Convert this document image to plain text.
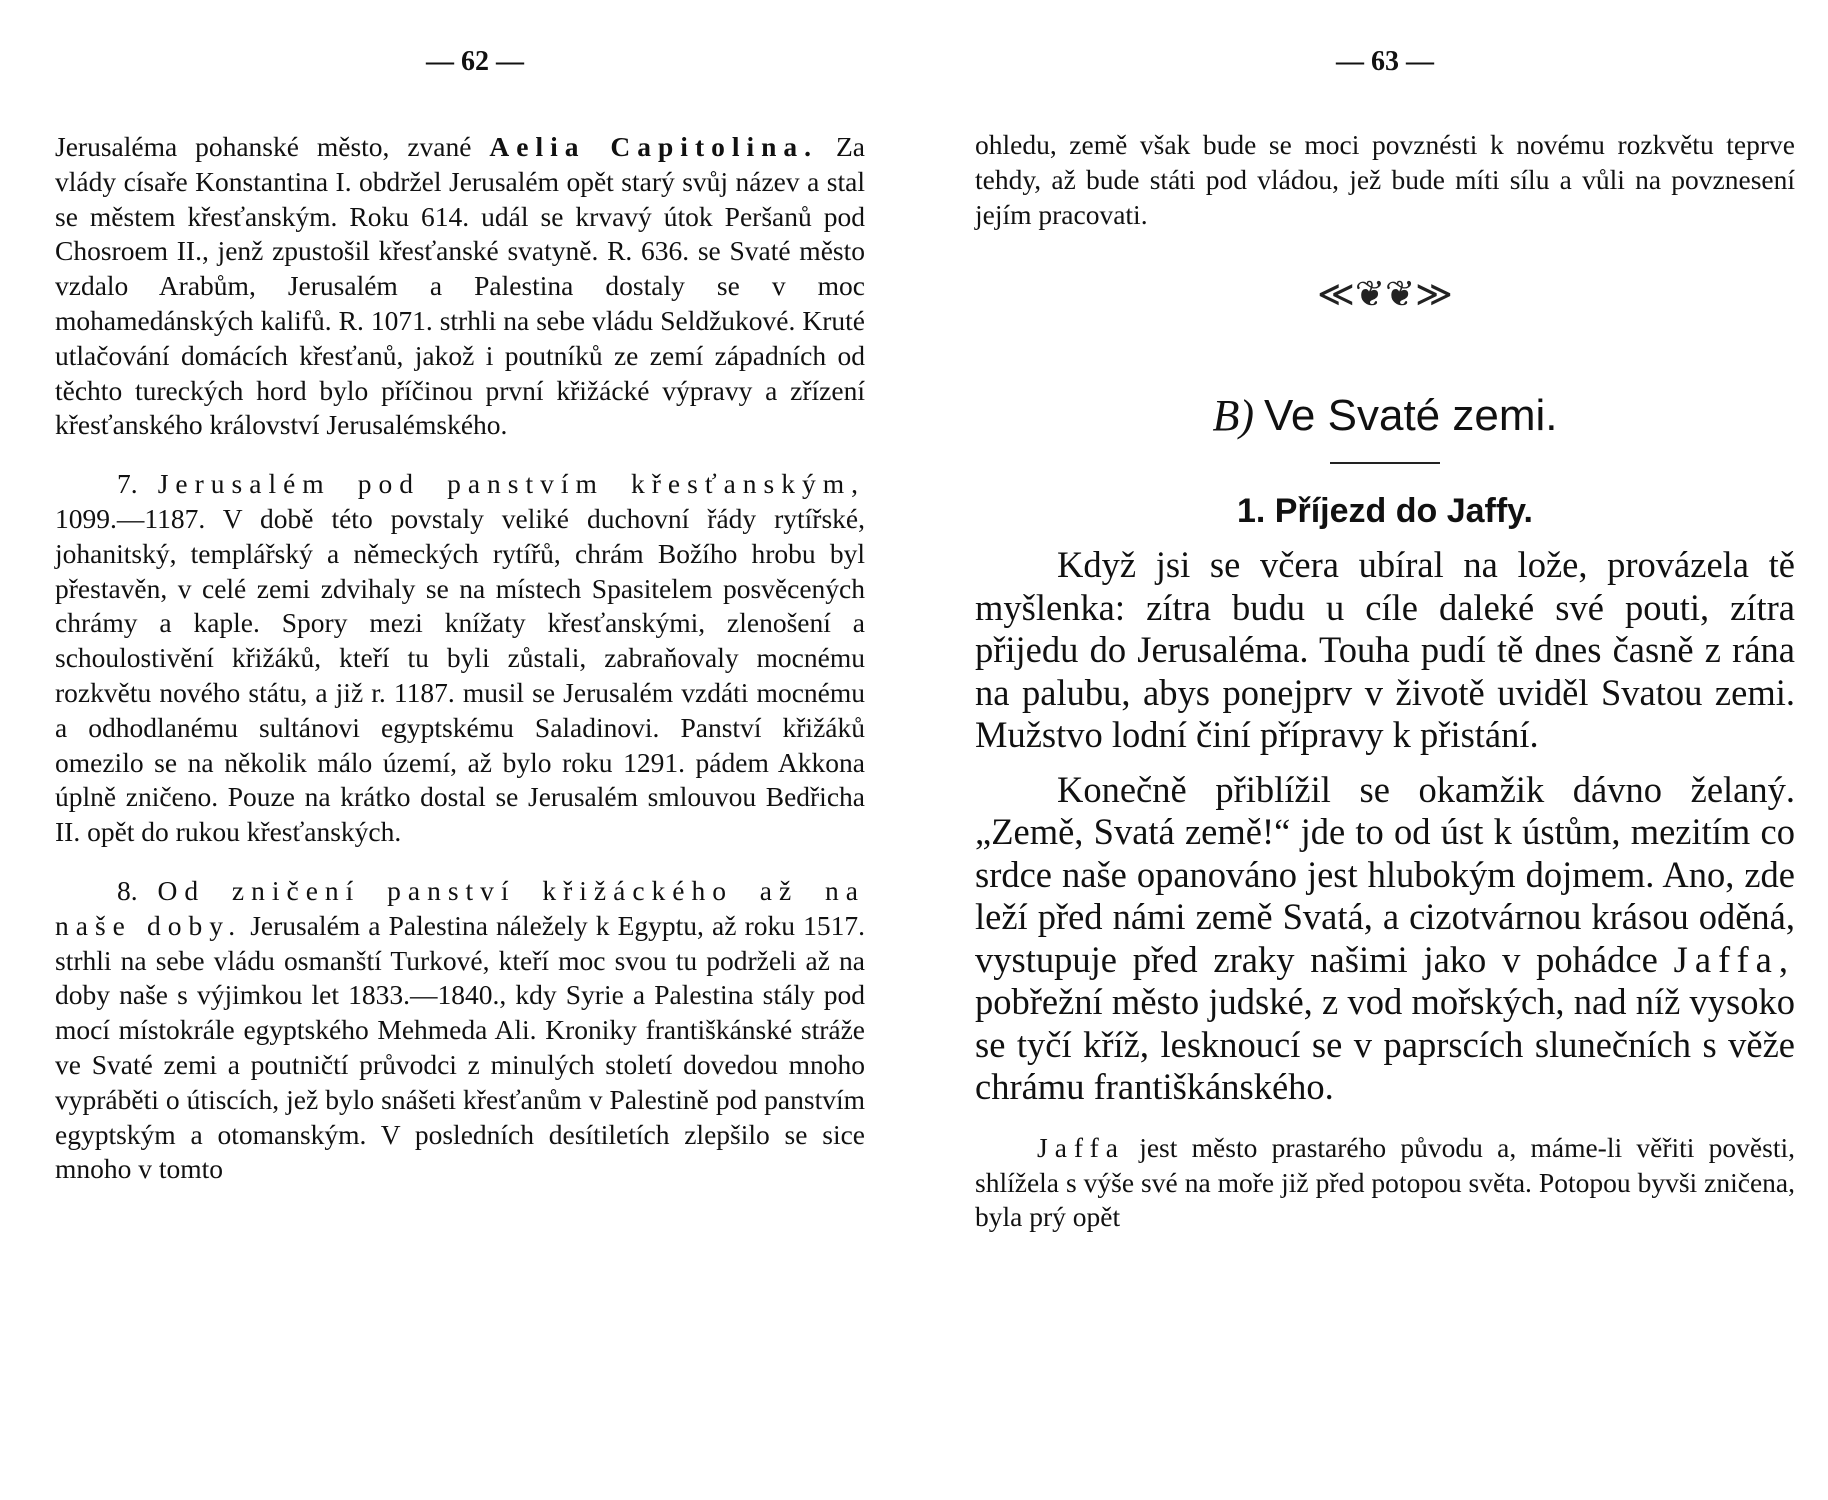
— 62 —

Jerusaléma pohanské město, zvané Aelia Capitolina. Za vlády císaře Konstantina I. obdržel Jerusalém opět starý svůj název a stal se městem křesťanským. Roku 614. udál se krvavý útok Peršanů pod Chosroem II., jenž zpustošil křesťanské svatyně. R. 636. se Svaté město vzdalo Arabům, Jerusalém a Palestina dostaly se v moc mohamedánských kalifů. R. 1071. strhli na sebe vládu Seldžukové. Kruté utlačování domácích křesťanů, jakož i poutníků ze zemí západních od těchto tureckých hord bylo příčinou první křižácké výpravy a zřízení křesťanského království Jerusalémského.

7. Jerusalém pod panstvím křesťanským, 1099.—1187. V době této povstaly veliké duchovní řády rytířské, johanitský, templářský a německých rytířů, chrám Božího hrobu byl přestavěn, v celé zemi zdvihaly se na místech Spasitelem posvěcených chrámy a kaple. Spory mezi knížaty křesťanskými, zlenošení a schoulostivění křižáků, kteří tu byli zůstali, zabraňovaly mocnému rozkvětu nového státu, a již r. 1187. musil se Jerusalém vzdáti mocnému a odhodlanému sultánovi egyptskému Saladinovi. Panství křižáků omezilo se na několik málo území, až bylo roku 1291. pádem Akkona úplně zničeno. Pouze na krátko dostal se Jerusalém smlouvou Bedřicha II. opět do rukou křesťanských.

8. Od zničení panství křižáckého až na naše doby. Jerusalém a Palestina náležely k Egyptu, až roku 1517. strhli na sebe vládu osmanští Turkové, kteří moc svou tu podrželi až na doby naše s výjimkou let 1833.—1840., kdy Syrie a Palestina stály pod mocí místokrále egyptského Mehmeda Ali. Kroniky františkánské stráže ve Svaté zemi a poutničtí průvodci z minulých století dovedou mnoho vypráběti o útiscích, jež bylo snášeti křesťanům v Palestině pod panstvím egyptským a otomanským. V posledních desítiletích zlepšilo se sice mnoho v tomto

— 63 —

ohledu, země však bude se moci povznésti k novému rozkvětu teprve tehdy, až bude státi pod vládou, jež bude míti sílu a vůli na povznesení jejím pracovati.

≪❦❦≫
B) Ve Svaté zemi.
1. Příjezd do Jaffy.

Když jsi se včera ubíral na lože, provázela tě myšlenka: zítra budu u cíle daleké své pouti, zítra přijedu do Jerusaléma. Touha pudí tě dnes časně z rána na palubu, abys ponejprv v životě uviděl Svatou zemi. Mužstvo lodní činí přípravy k přistání.

Konečně přiblížil se okamžik dávno želaný. „Země, Svatá země!“ jde to od úst k ústům, mezitím co srdce naše opanováno jest hlubokým dojmem. Ano, zde leží před námi země Svatá, a cizotvárnou krásou oděná, vystupuje před zraky našimi jako v pohádce Jaffa, pobřežní město judské, z vod mořských, nad níž vysoko se tyčí kříž, lesknoucí se v paprscích slunečních s věže chrámu františkánského.

Jaffa jest město prastarého původu a, máme-li věřiti pověsti, shlížela s výše své na moře již před potopou světa. Potopou byvši zničena, byla prý opět
